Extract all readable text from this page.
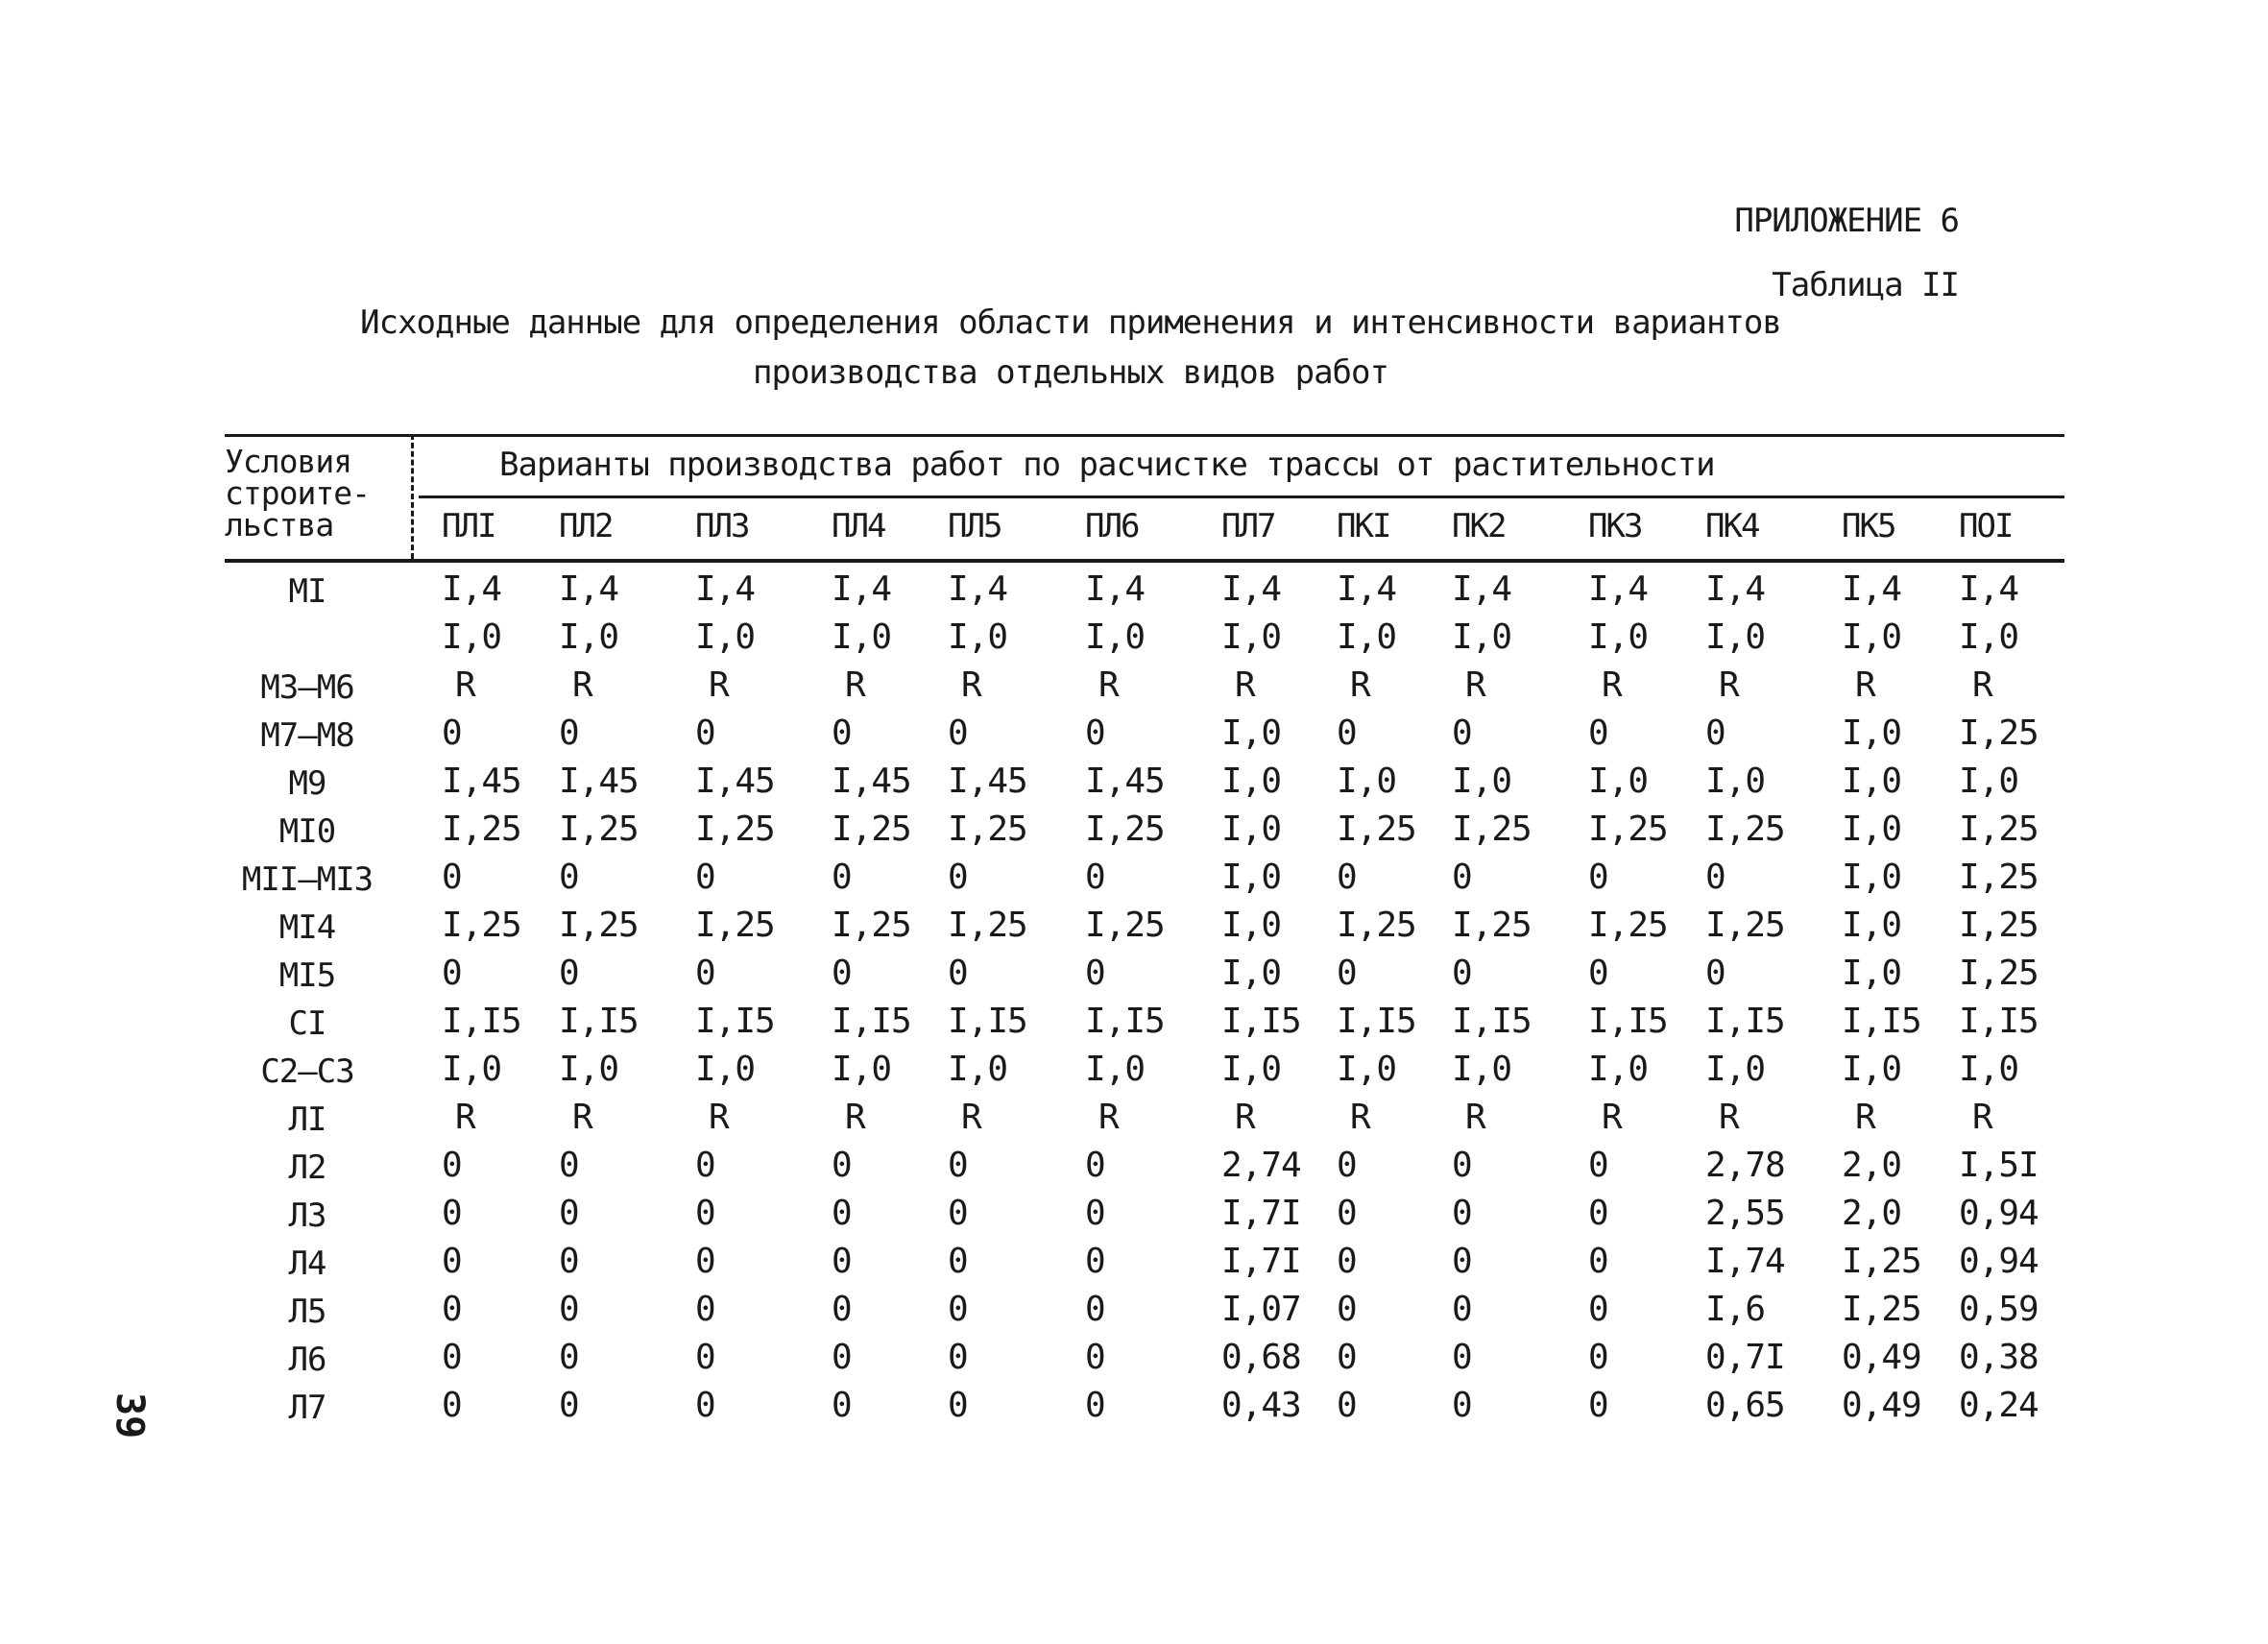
ПРИЛОЖЕНИЕ 6
Таблица II
Исходные данные для определения области применения и интенсивности вариантов
производства отдельных видов работ
Условия
строите-
льства
Варианты производства работ по расчистке трассы от растительности
ПЛI ПЛ2	ПЛ3	ПЛ4 ПЛ5	ПЛ6	ПЛ7 ПКI ПК2	ПК3 ПК4	ПК5 ПОI
МI	I,4 I,4 I,4 I,4 I,4 I,4 I,4 I,4 I,4 I,4 I,4 I,4 I,4
I,0 I,0 I,0 I,0 I,0 I,0 I,0 I,0 I,0 I,0 I,0 I,0 I,0
М3–М6	R	R	R	R	R	R	R	R	R	R	R	R	R
М7–М8	0	0	0	0	0	0	I,0 0	0	0	0	I,0 I,25
М9	I,45 I,45 I,45 I,45 I,45 I,45 I,0 I,0 I,0 I,0 I,0 I,0 I,0
МI0	I,25 I,25 I,25 I,25 I,25 I,25 I,0 I,25 I,25 I,25 I,25 I,0 I,25
МII–МI3	0	0	0	0	0	0	I,0 0	0	0	0	I,0 I,25
МI4	I,25 I,25 I,25 I,25 I,25 I,25 I,0 I,25 I,25 I,25 I,25 I,0 I,25
МI5	0	0	0	0	0	0	I,0 0	0	0	0	I,0 I,25
СI	I,I5 I,I5 I,I5 I,I5 I,I5 I,I5 I,I5 I,I5 I,I5 I,I5 I,I5 I,I5 I,I5
С2–С3	I,0 I,0 I,0 I,0 I,0 I,0 I,0 I,0 I,0 I,0 I,0 I,0 I,0
ЛI	R	R	R	R	R	R	R	R	R	R	R	R	R
Л2	0	0	0	0	0	0	2,74 0	0	0	2,78 2,0 I,5I
Л3	0	0	0	0	0	0	I,7I 0	0	0	2,55 2,0 0,94
Л4	0	0	0	0	0	0	I,7I 0	0	0	I,74 I,25 0,94
Л5	0	0	0	0	0	0	I,07 0	0	0	I,6 I,25 0,59
Л6	0	0	0	0	0	0	0,68 0	0	0	0,7I 0,49 0,38
Л7	0	0	0	0	0	0	0,43 0	0	0	0,65 0,49 0,24
39
